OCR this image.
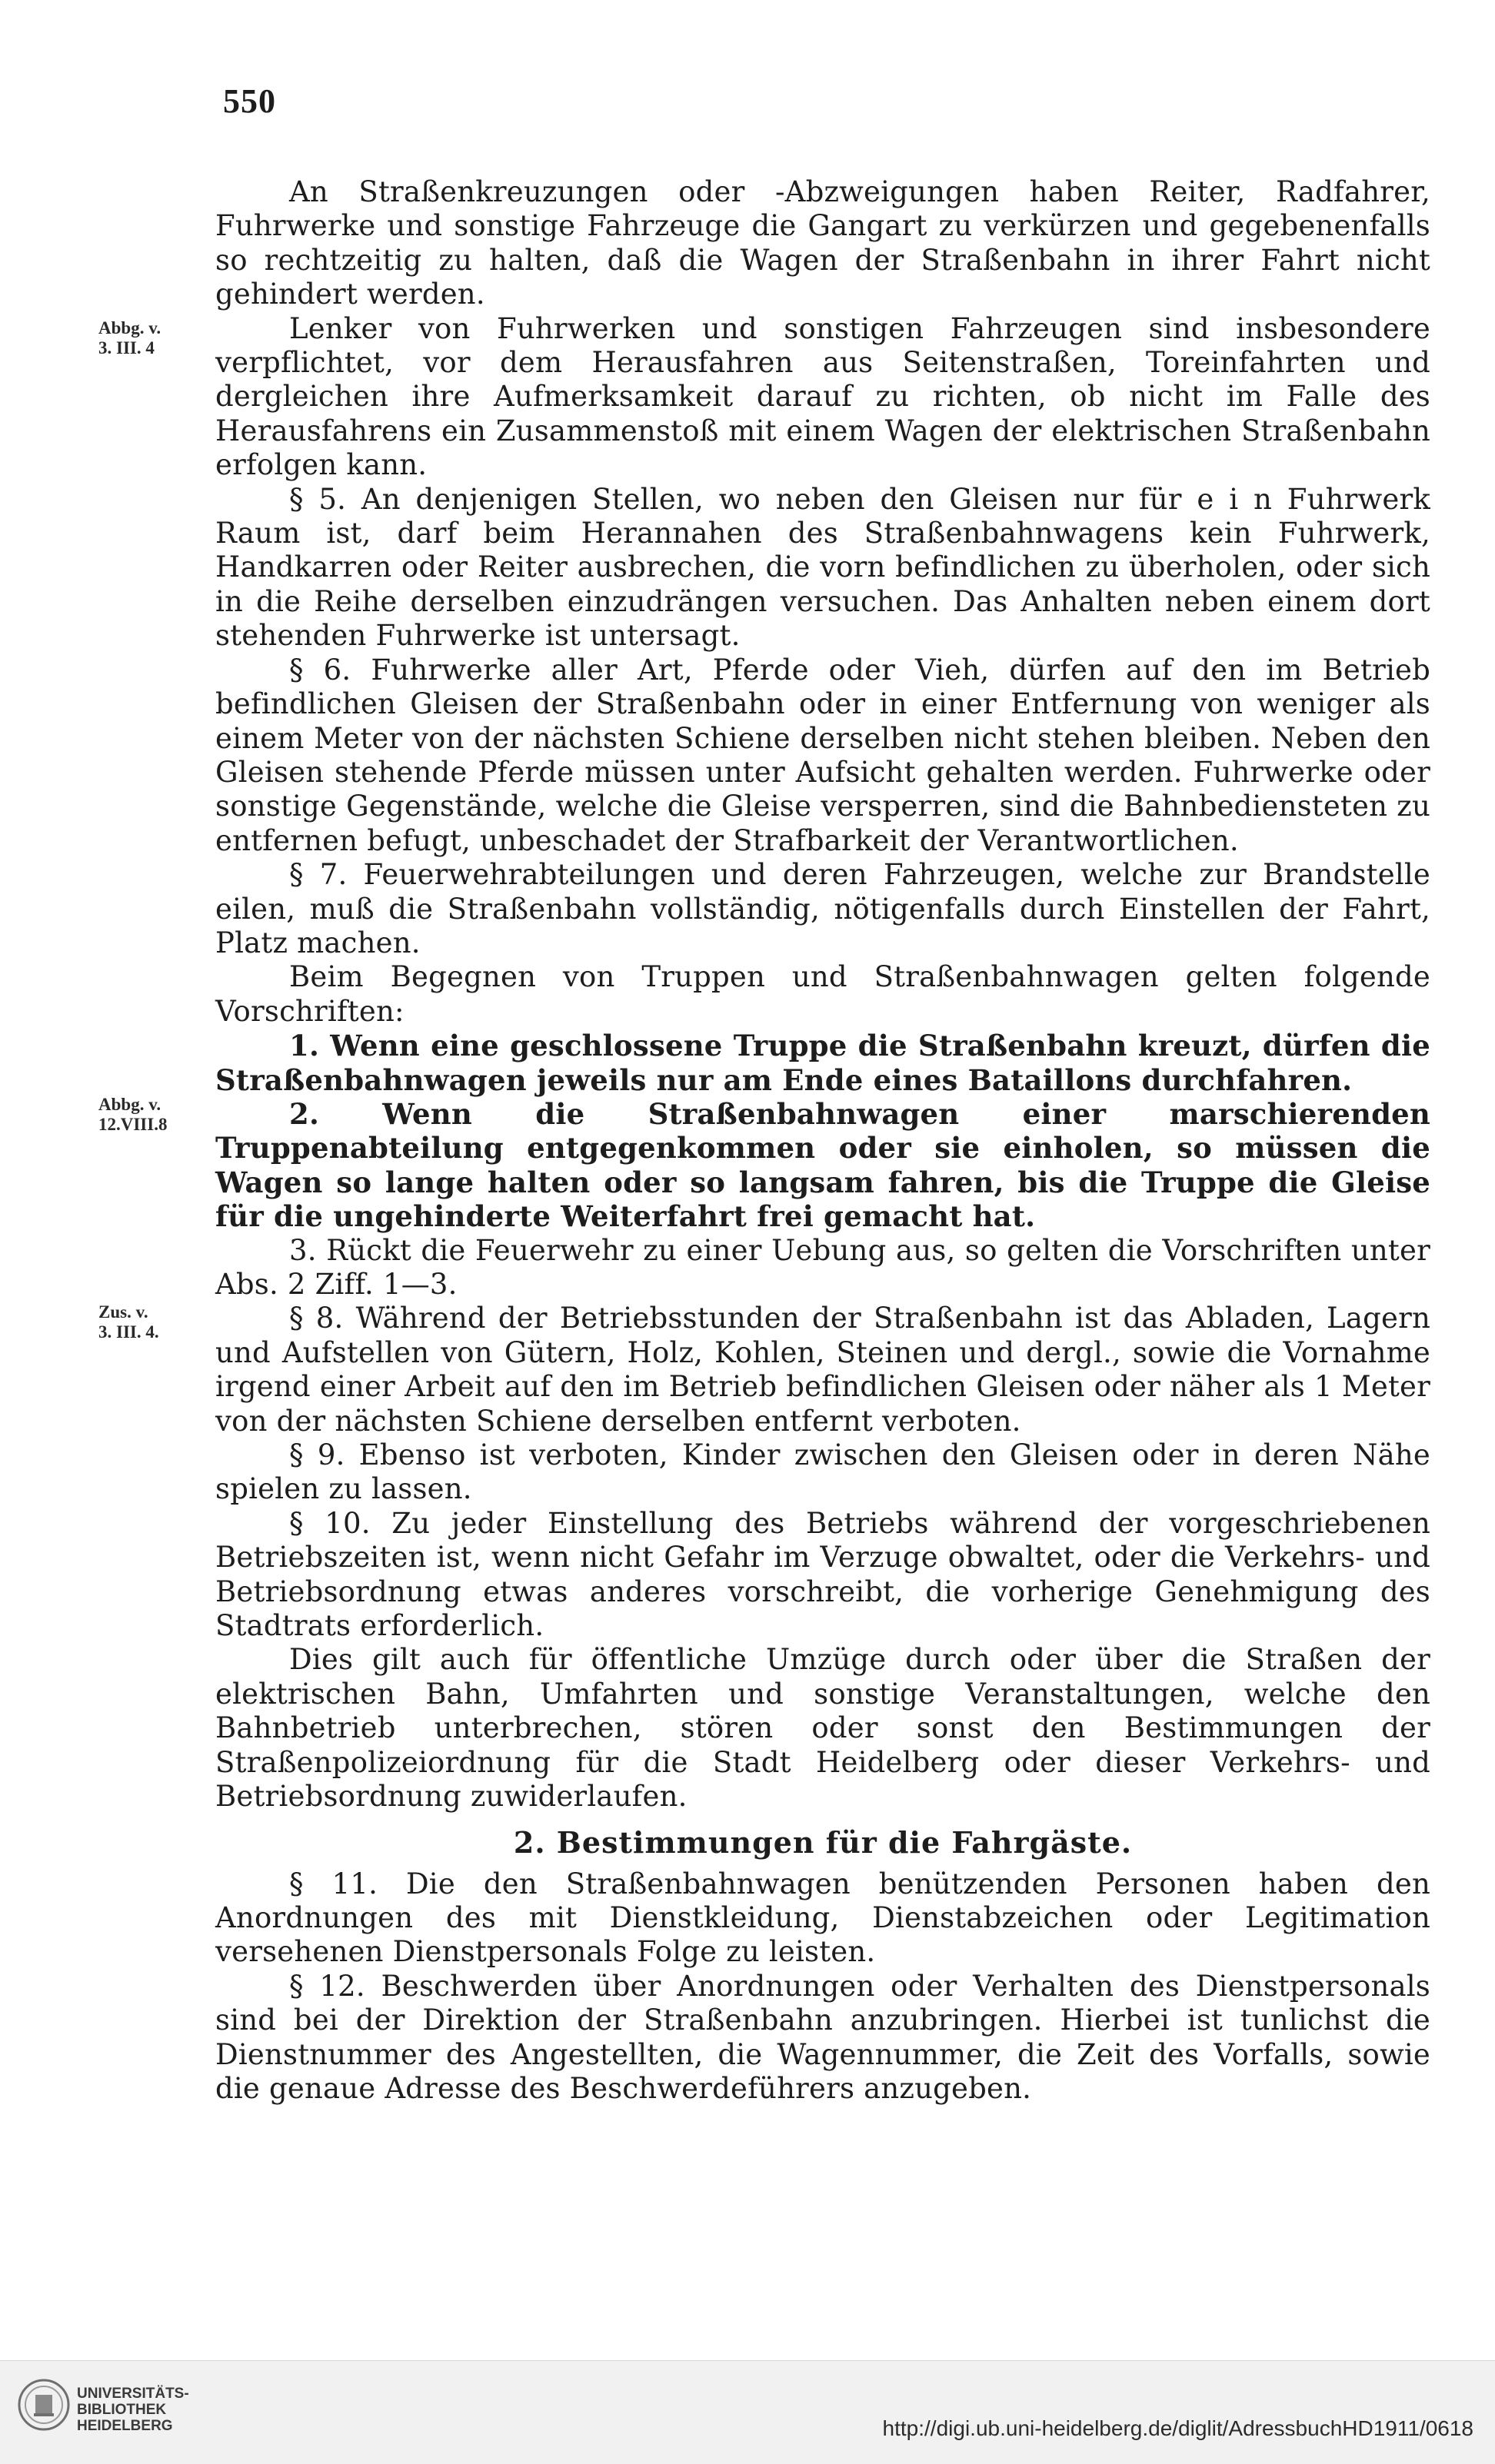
550
Abbg. v.
3. III. 4
Abbg. v.
12.VIII.8
Zus. v.
3. III. 4.

An Straßenkreuzungen oder -Abzweigungen haben Reiter, Radfahrer, Fuhrwerke und sonstige Fahrzeuge die Gangart zu verkürzen und gegebenenfalls so rechtzeitig zu halten, daß die Wagen der Straßenbahn in ihrer Fahrt nicht gehindert werden.

Lenker von Fuhrwerken und sonstigen Fahrzeugen sind insbesondere verpflichtet, vor dem Herausfahren aus Seitenstraßen, Toreinfahrten und dergleichen ihre Aufmerksamkeit darauf zu richten, ob nicht im Falle des Herausfahrens ein Zusammenstoß mit einem Wagen der elektrischen Straßenbahn erfolgen kann.

§ 5. An denjenigen Stellen, wo neben den Gleisen nur für e i n Fuhrwerk Raum ist, darf beim Herannahen des Straßenbahnwagens kein Fuhrwerk, Handkarren oder Reiter ausbrechen, die vorn befindlichen zu überholen, oder sich in die Reihe derselben einzudrängen versuchen. Das Anhalten neben einem dort stehenden Fuhrwerke ist untersagt.

§ 6. Fuhrwerke aller Art, Pferde oder Vieh, dürfen auf den im Betrieb befindlichen Gleisen der Straßenbahn oder in einer Entfernung von weniger als einem Meter von der nächsten Schiene derselben nicht stehen bleiben. Neben den Gleisen stehende Pferde müssen unter Aufsicht gehalten werden. Fuhrwerke oder sonstige Gegenstände, welche die Gleise versperren, sind die Bahnbediensteten zu entfernen befugt, unbeschadet der Strafbarkeit der Verantwortlichen.

§ 7. Feuerwehrabteilungen und deren Fahrzeugen, welche zur Brandstelle eilen, muß die Straßenbahn vollständig, nötigenfalls durch Einstellen der Fahrt, Platz machen.

Beim Begegnen von Truppen und Straßenbahnwagen gelten folgende Vorschriften:

1. Wenn eine geschlossene Truppe die Straßenbahn kreuzt, dürfen die Straßenbahnwagen jeweils nur am Ende eines Bataillons durchfahren.

2. Wenn die Straßenbahnwagen einer marschierenden Truppenabteilung entgegenkommen oder sie einholen, so müssen die Wagen so lange halten oder so langsam fahren, bis die Truppe die Gleise für die ungehinderte Weiterfahrt frei gemacht hat.

3. Rückt die Feuerwehr zu einer Uebung aus, so gelten die Vorschriften unter Abs. 2 Ziff. 1—3.

§ 8. Während der Betriebsstunden der Straßenbahn ist das Abladen, Lagern und Aufstellen von Gütern, Holz, Kohlen, Steinen und dergl., sowie die Vornahme irgend einer Arbeit auf den im Betrieb befindlichen Gleisen oder näher als 1 Meter von der nächsten Schiene derselben entfernt verboten.

§ 9. Ebenso ist verboten, Kinder zwischen den Gleisen oder in deren Nähe spielen zu lassen.

§ 10. Zu jeder Einstellung des Betriebs während der vorgeschriebenen Betriebszeiten ist, wenn nicht Gefahr im Verzuge obwaltet, oder die Verkehrs- und Betriebsordnung etwas anderes vorschreibt, die vorherige Genehmigung des Stadtrats erforderlich.

Dies gilt auch für öffentliche Umzüge durch oder über die Straßen der elektrischen Bahn, Umfahrten und sonstige Veranstaltungen, welche den Bahnbetrieb unterbrechen, stören oder sonst den Bestimmungen der Straßenpolizeiordnung für die Stadt Heidelberg oder dieser Verkehrs- und Betriebsordnung zuwiderlaufen.

2. Bestimmungen für die Fahrgäste.

§ 11. Die den Straßenbahnwagen benützenden Personen haben den Anordnungen des mit Dienstkleidung, Dienstabzeichen oder Legitimation versehenen Dienstpersonals Folge zu leisten.

§ 12. Beschwerden über Anordnungen oder Verhalten des Dienstpersonals sind bei der Direktion der Straßenbahn anzubringen. Hierbei ist tunlichst die Dienstnummer des Angestellten, die Wagennummer, die Zeit des Vorfalls, sowie die genaue Adresse des Beschwerdeführers anzugeben.

UNIVERSITÄTS-
BIBLIOTHEK
HEIDELBERG	http://digi.ub.uni-heidelberg.de/diglit/AdressbuchHD1911/0618
